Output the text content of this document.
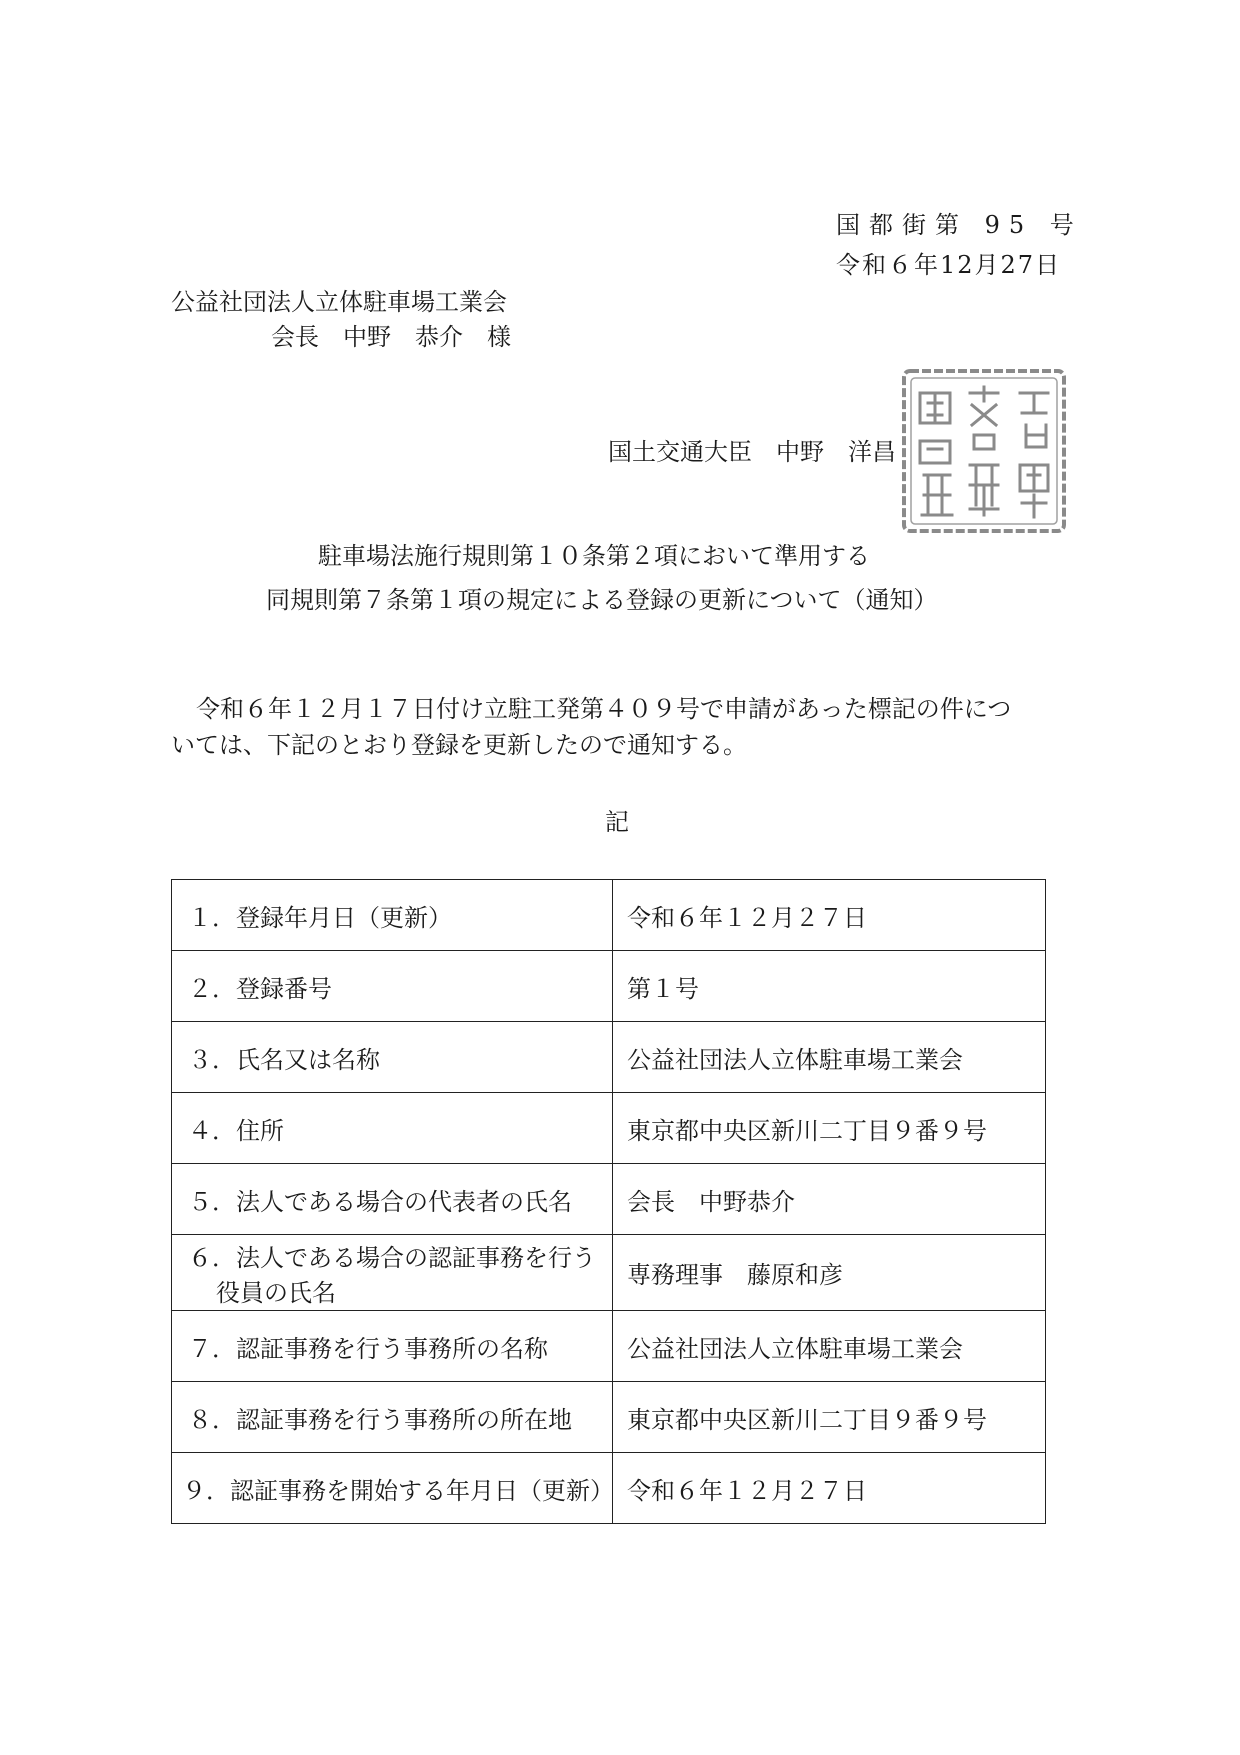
国都街第 95 号
令和６年12月27日
公益社団法人立体駐車場工業会
会長　中野　恭介　様
国土交通大臣　中野　洋昌
駐車場法施行規則第１０条第２項において準用する
同規則第７条第１項の規定による登録の更新について（通知）
令和６年１２月１７日付け立駐工発第４０９号で申請があった標記の件につ
いては、下記のとおり登録を更新したので通知する。
記
１．登録年月日（更新）	令和６年１２月２７日
２．登録番号	第１号
３．氏名又は名称	公益社団法人立体駐車場工業会
４．住所	東京都中央区新川二丁目９番９号
５．法人である場合の代表者の氏名	会長　中野恭介

６．法人である場合の認証事務を行う
役員の氏名	専務理事　藤原和彦
７．認証事務を行う事務所の名称	公益社団法人立体駐車場工業会
８．認証事務を行う事務所の所在地	東京都中央区新川二丁目９番９号
９．認証事務を開始する年月日（更新）	令和６年１２月２７日
